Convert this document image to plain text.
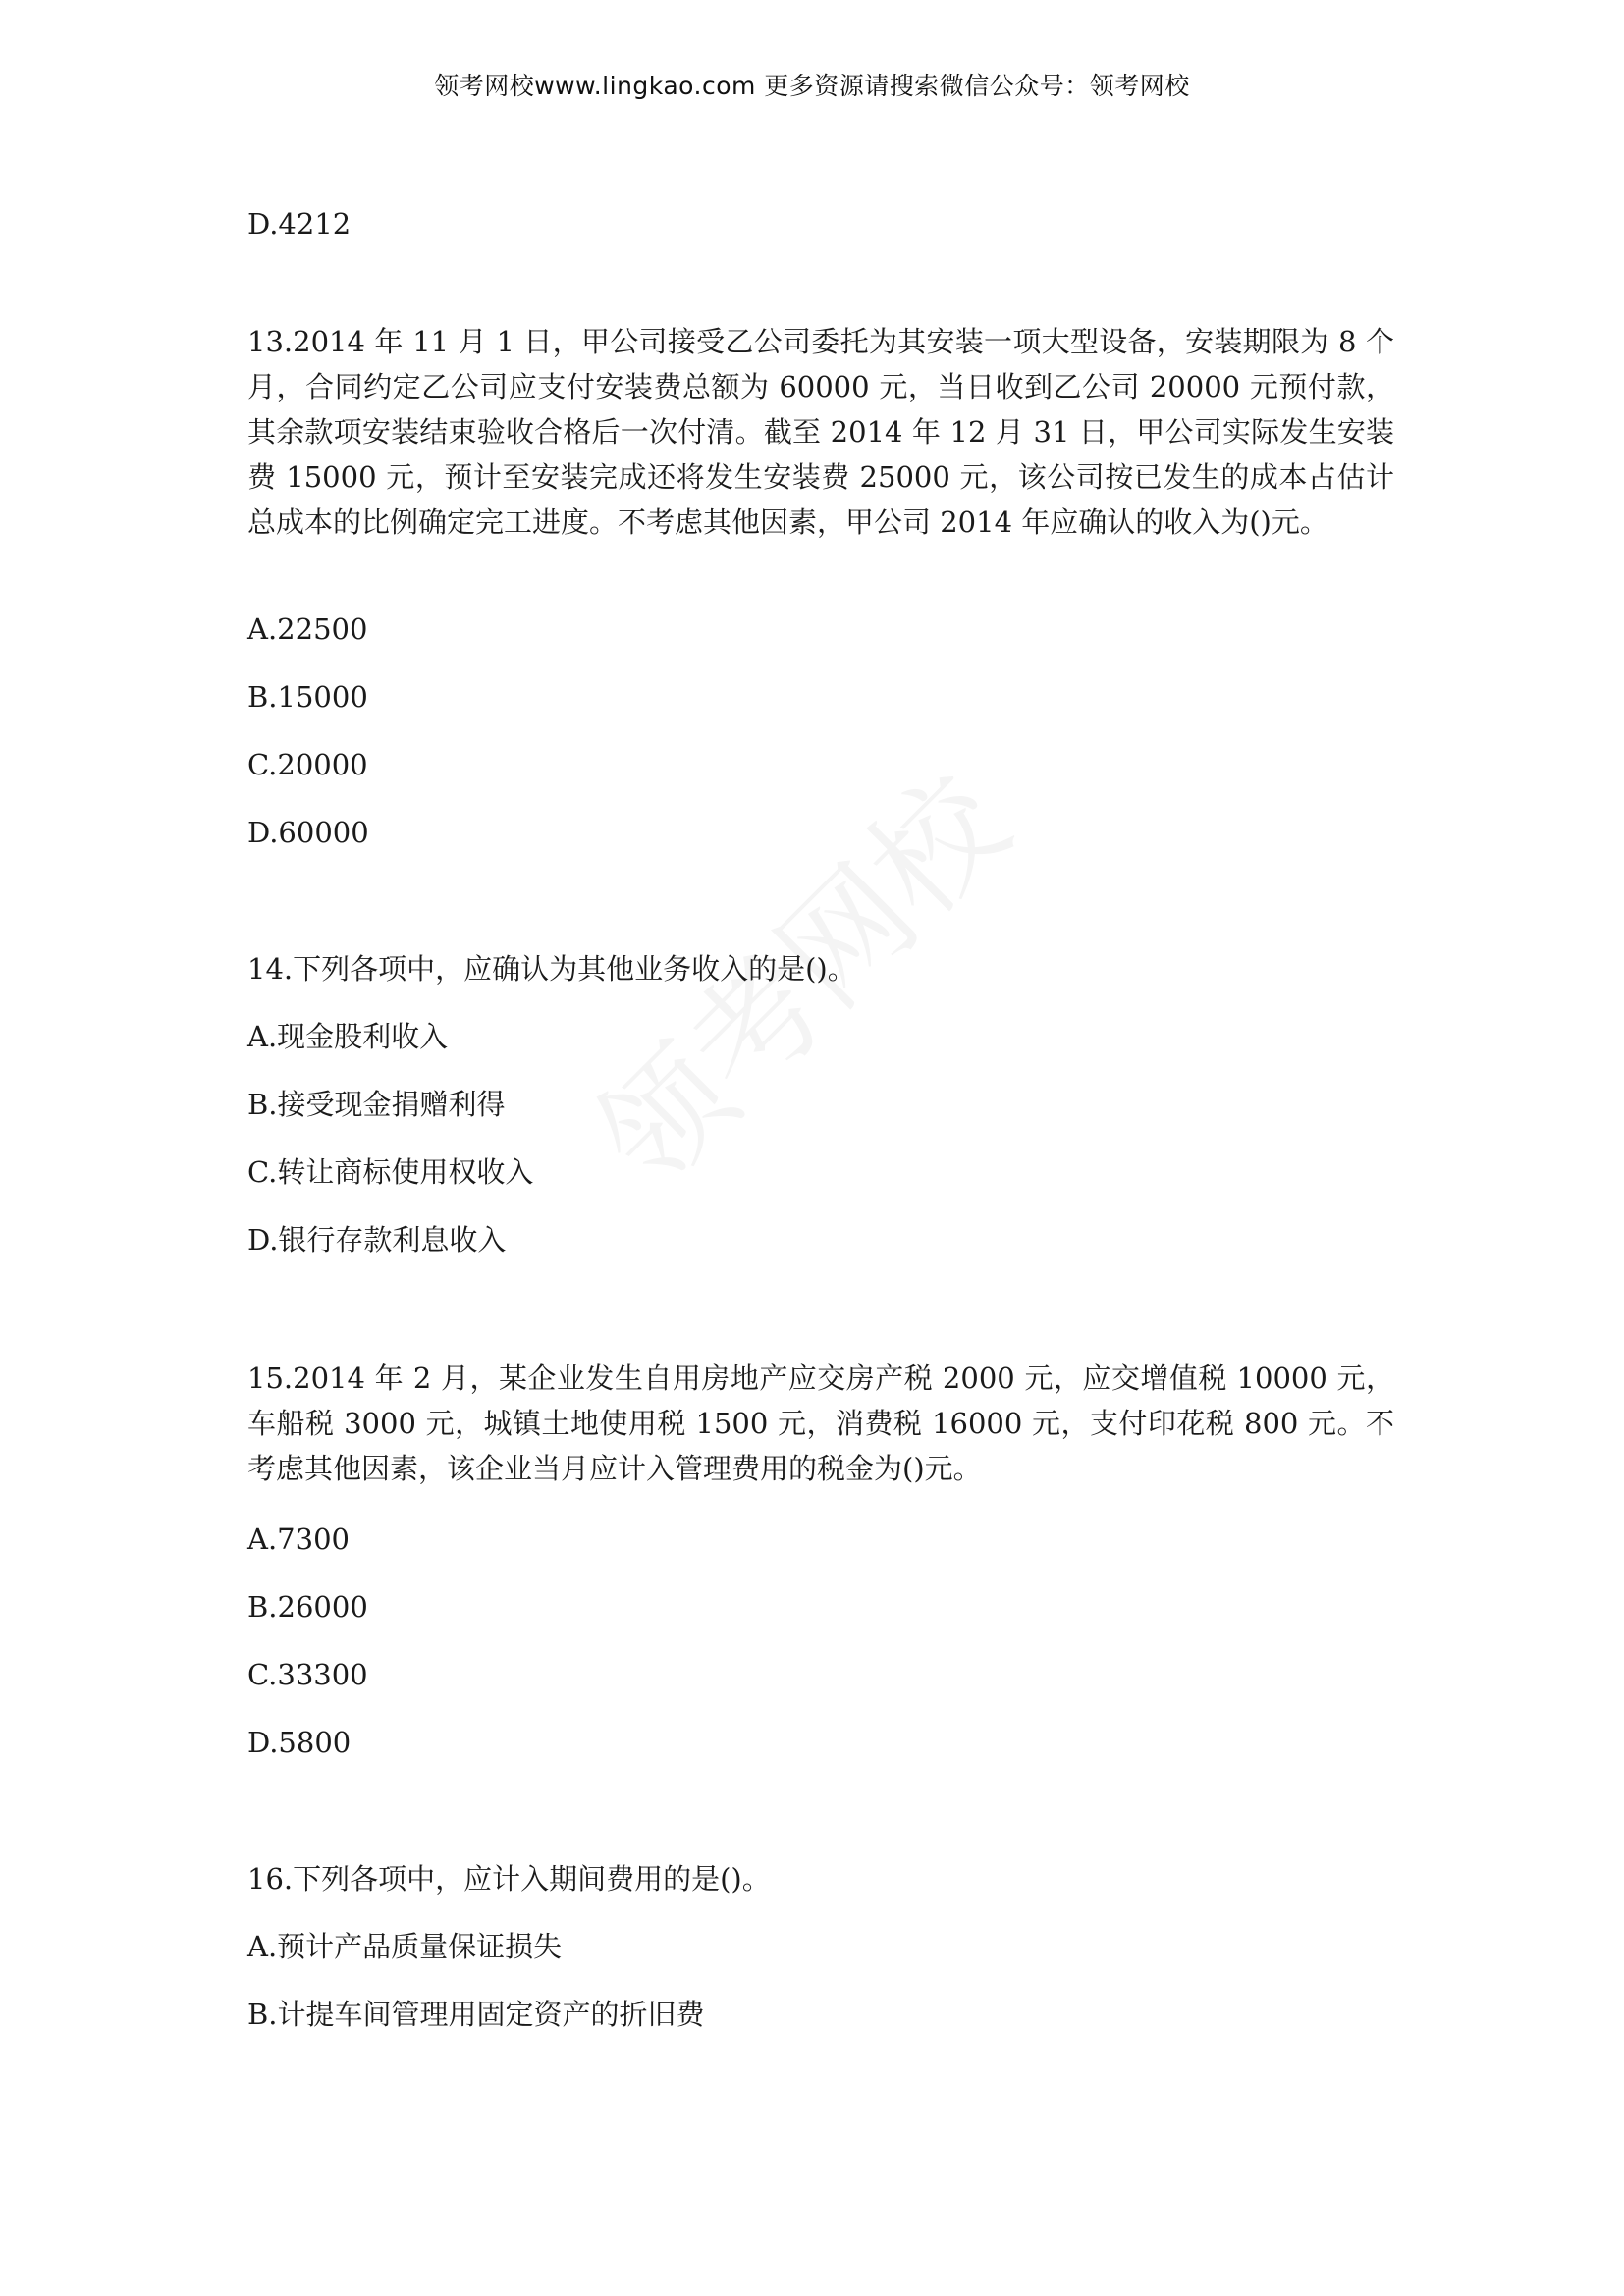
领考网校www.lingkao.com 更多资源请搜索微信公众号：领考网校

D.4212

13.2014 年 11 月 1 日，甲公司接受乙公司委托为其安装一项大型设备，安装期限为 8 个月，合同约定乙公司应支付安装费总额为 60000 元，当日收到乙公司 20000 元预付款，其余款项安装结束验收合格后一次付清。截至 2014 年 12 月 31 日，甲公司实际发生安装费 15000 元，预计至安装完成还将发生安装费 25000 元，该公司按已发生的成本占估计总成本的比例确定完工进度。不考虑其他因素，甲公司 2014 年应确认的收入为()元。

A.22500

B.15000

C.20000

D.60000

14.下列各项中，应确认为其他业务收入的是()。

A.现金股利收入

B.接受现金捐赠利得

C.转让商标使用权收入

D.银行存款利息收入

15.2014 年 2 月，某企业发生自用房地产应交房产税 2000 元，应交增值税 10000 元，车船税 3000 元，城镇土地使用税 1500 元，消费税 16000 元，支付印花税 800 元。不考虑其他因素，该企业当月应计入管理费用的税金为()元。

A.7300

B.26000

C.33300

D.5800

16.下列各项中，应计入期间费用的是()。

A.预计产品质量保证损失

B.计提车间管理用固定资产的折旧费
